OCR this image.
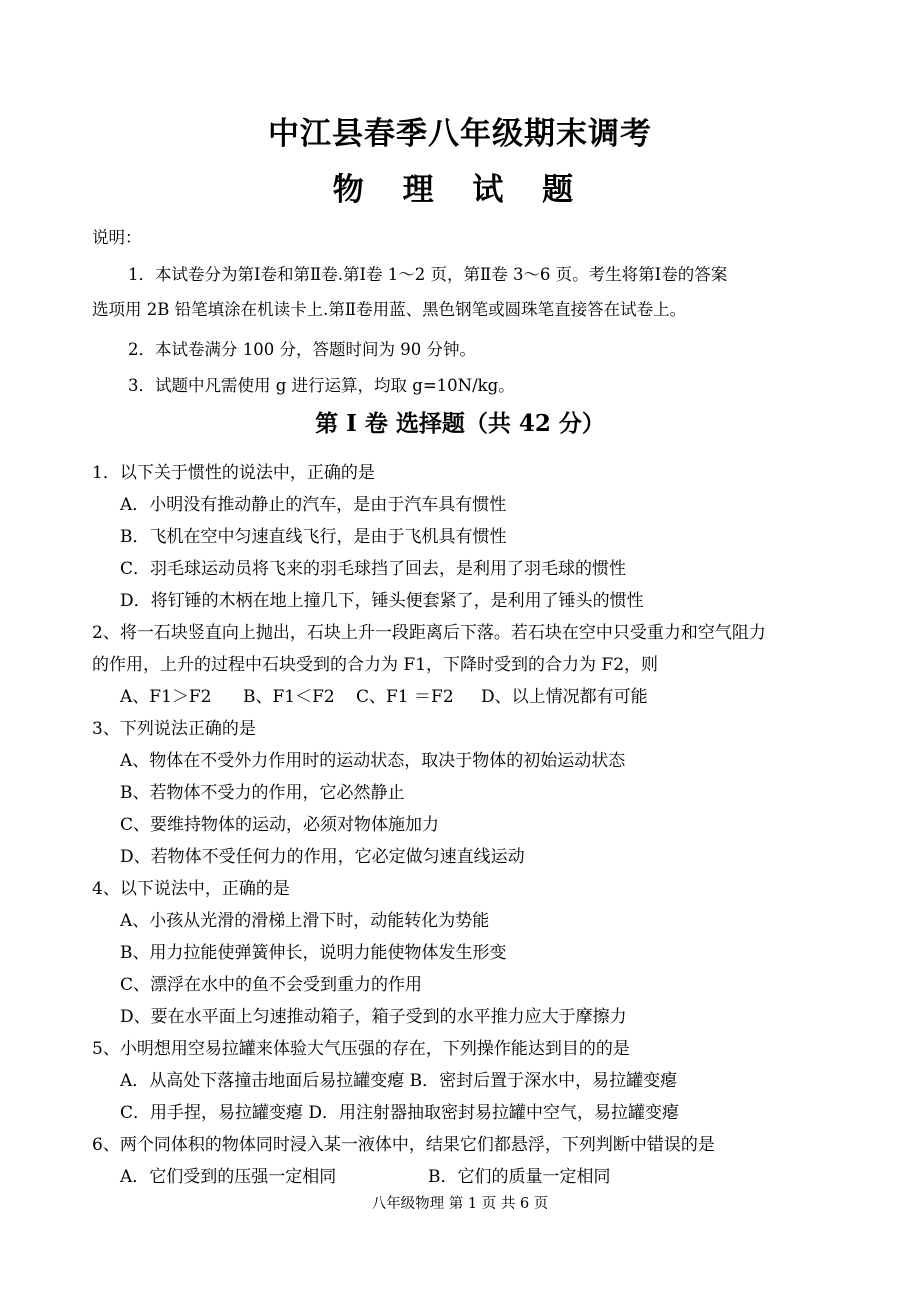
中江县春季八年级期末调考
物 理 试 题
说明：
1．本试卷分为第Ⅰ卷和第Ⅱ卷.第Ⅰ卷 1～2 页，第Ⅱ卷 3～6 页。考生将第Ⅰ卷的答案
选项用 2B 铅笔填涂在机读卡上.第Ⅱ卷用蓝、黑色钢笔或圆珠笔直接答在试卷上。
2．本试卷满分 100 分，答题时间为 90 分钟。
3．试题中凡需使用 g 进行运算，均取 g=10N/kg。
第 I 卷 选择题（共 42 分）
1．以下关于惯性的说法中，正确的是
A．小明没有推动静止的汽车，是由于汽车具有惯性
B．飞机在空中匀速直线飞行，是由于飞机具有惯性
C．羽毛球运动员将飞来的羽毛球挡了回去，是利用了羽毛球的惯性
D．将钉锤的木柄在地上撞几下，锤头便套紧了，是利用了锤头的惯性
2、将一石块竖直向上抛出，石块上升一段距离后下落。若石块在空中只受重力和空气阻力
的作用，上升的过程中石块受到的合力为 F1，下降时受到的合力为 F2，则
A、F1＞F2 B、F1＜F2 C、F1 ＝F2 D、以上情况都有可能
3、下列说法正确的是
A、物体在不受外力作用时的运动状态，取决于物体的初始运动状态
B、若物体不受力的作用，它必然静止
C、要维持物体的运动，必须对物体施加力
D、若物体不受任何力的作用，它必定做匀速直线运动
4、以下说法中，正确的是
A、小孩从光滑的滑梯上滑下时，动能转化为势能
B、用力拉能使弹簧伸长，说明力能使物体发生形变
C、漂浮在水中的鱼不会受到重力的作用
D、要在水平面上匀速推动箱子，箱子受到的水平推力应大于摩擦力
5、小明想用空易拉罐来体验大气压强的存在，下列操作能达到目的的是
A．从高处下落撞击地面后易拉罐变瘪 B．密封后置于深水中，易拉罐变瘪
C．用手捏，易拉罐变瘪 D．用注射器抽取密封易拉罐中空气，易拉罐变瘪
6、两个同体积的物体同时浸入某一液体中，结果它们都悬浮，下列判断中错误的是
A．它们受到的压强一定相同	B．它们的质量一定相同
八年级物理 第 1 页 共 6 页
